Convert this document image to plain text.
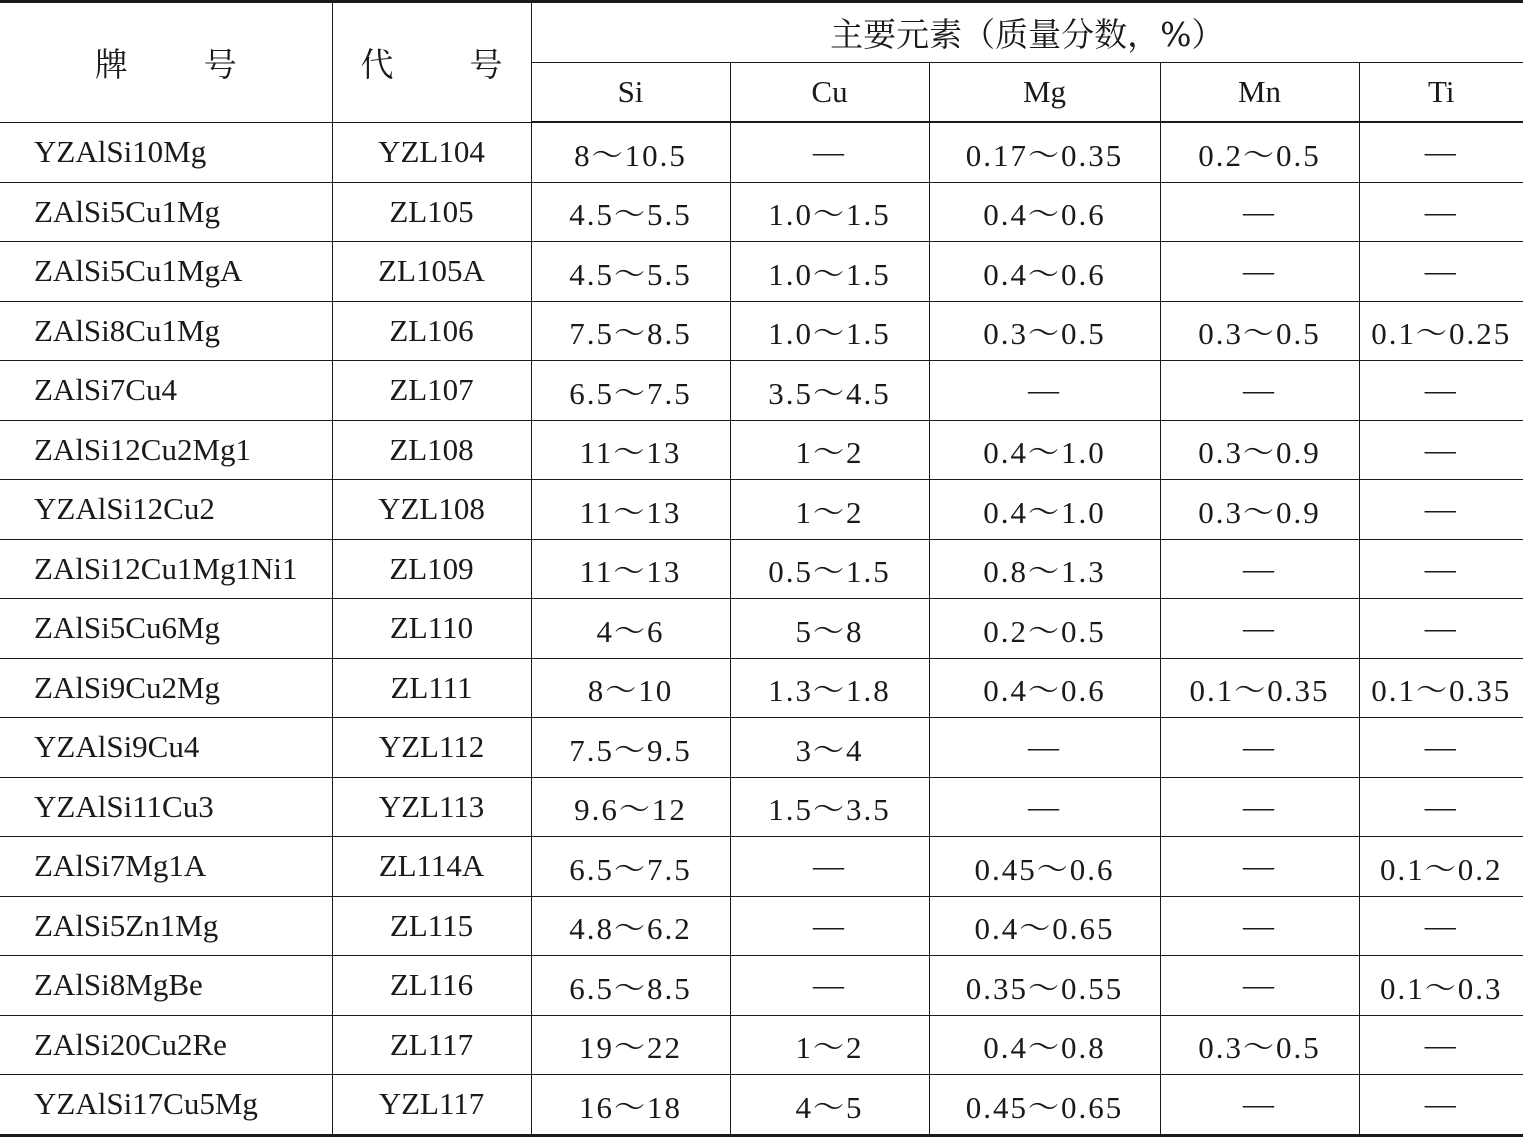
牌 号	代 号	主要元素（质量分数，%）				
		Si	Cu	Mg	Mn	Ti
YZAlSi10Mg	YZL104	8～10.5	—	0.17～0.35	0.2～0.5	—
ZAlSi5Cu1Mg	ZL105	4.5～5.5	1.0～1.5	0.4～0.6	—	—
ZAlSi5Cu1MgA	ZL105A	4.5～5.5	1.0～1.5	0.4～0.6	—	—
ZAlSi8Cu1Mg	ZL106	7.5～8.5	1.0～1.5	0.3～0.5	0.3～0.5	0.1～0.25
ZAlSi7Cu4	ZL107	6.5～7.5	3.5～4.5	—	—	—
ZAlSi12Cu2Mg1	ZL108	11～13	1～2	0.4～1.0	0.3～0.9	—
YZAlSi12Cu2	YZL108	11～13	1～2	0.4～1.0	0.3～0.9	—
ZAlSi12Cu1Mg1Ni1	ZL109	11～13	0.5～1.5	0.8～1.3	—	—
ZAlSi5Cu6Mg	ZL110	4～6	5～8	0.2～0.5	—	—
ZAlSi9Cu2Mg	ZL111	8～10	1.3～1.8	0.4～0.6	0.1～0.35	0.1～0.35
YZAlSi9Cu4	YZL112	7.5～9.5	3～4	—	—	—
YZAlSi11Cu3	YZL113	9.6～12	1.5～3.5	—	—	—
ZAlSi7Mg1A	ZL114A	6.5～7.5	—	0.45～0.6	—	0.1～0.2
ZAlSi5Zn1Mg	ZL115	4.8～6.2	—	0.4～0.65	—	—
ZAlSi8MgBe	ZL116	6.5～8.5	—	0.35～0.55	—	0.1～0.3
ZAlSi20Cu2Re	ZL117	19～22	1～2	0.4～0.8	0.3～0.5	—
YZAlSi17Cu5Mg	YZL117	16～18	4～5	0.45～0.65	—	—
